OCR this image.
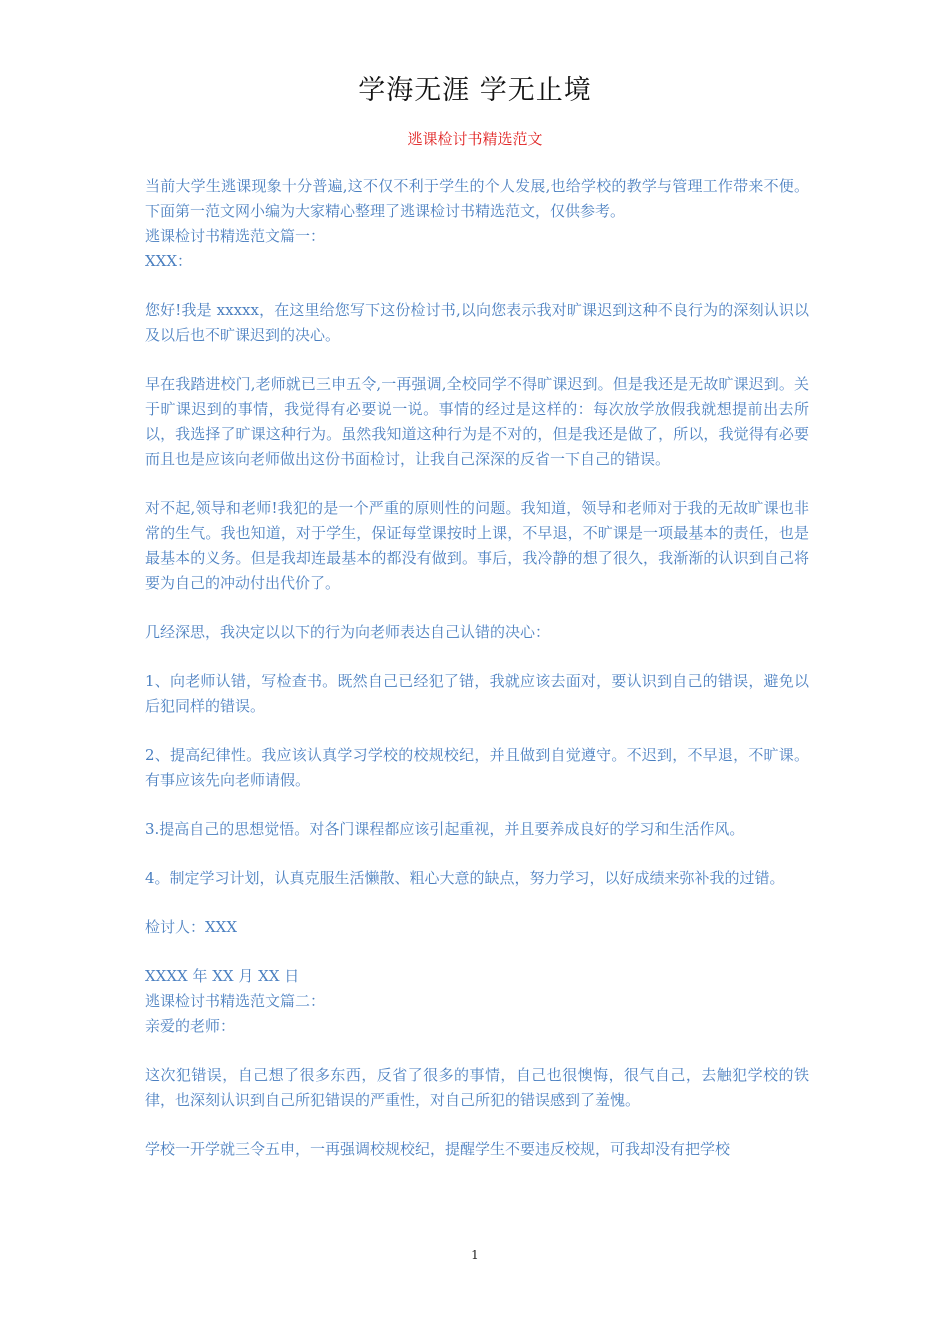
学海无涯 学无止境
逃课检讨书精选范文

当前大学生逃课现象十分普遍,这不仅不利于学生的个人发展,也给学校的教学与管理工作带来不便。下面第一范文网小编为大家精心整理了逃课检讨书精选范文，仅供参考。

逃课检讨书精选范文篇一：

XXX：

您好!我是 xxxxx，在这里给您写下这份检讨书,以向您表示我对旷课迟到这种不良行为的深刻认识以及以后也不旷课迟到的决心。

早在我踏进校门,老师就已三申五令,一再强调,全校同学不得旷课迟到。但是我还是无故旷课迟到。关于旷课迟到的事情，我觉得有必要说一说。事情的经过是这样的：每次放学放假我就想提前出去所以，我选择了旷课这种行为。虽然我知道这种行为是不对的，但是我还是做了，所以，我觉得有必要而且也是应该向老师做出这份书面检讨，让我自己深深的反省一下自己的错误。

对不起,领导和老师!我犯的是一个严重的原则性的问题。我知道，领导和老师对于我的无故旷课也非常的生气。我也知道，对于学生，保证每堂课按时上课，不早退，不旷课是一项最基本的责任，也是最基本的义务。但是我却连最基本的都没有做到。事后，我冷静的想了很久，我渐渐的认识到自己将要为自己的冲动付出代价了。

几经深思，我决定以以下的行为向老师表达自己认错的决心：

1、向老师认错，写检查书。既然自己已经犯了错，我就应该去面对，要认识到自己的错误，避免以后犯同样的错误。

2、提高纪律性。我应该认真学习学校的校规校纪，并且做到自觉遵守。不迟到，不早退，不旷课。有事应该先向老师请假。

3.提高自己的思想觉悟。对各门课程都应该引起重视，并且要养成良好的学习和生活作风。

4。制定学习计划，认真克服生活懒散、粗心大意的缺点，努力学习，以好成绩来弥补我的过错。

检讨人：XXX

XXXX 年 XX 月 XX 日

逃课检讨书精选范文篇二：

亲爱的老师：

这次犯错误，自己想了很多东西，反省了很多的事情，自己也很懊悔，很气自己，去触犯学校的铁律，也深刻认识到自己所犯错误的严重性，对自己所犯的错误感到了羞愧。

学校一开学就三令五申，一再强调校规校纪，提醒学生不要违反校规，可我却没有把学校

1
